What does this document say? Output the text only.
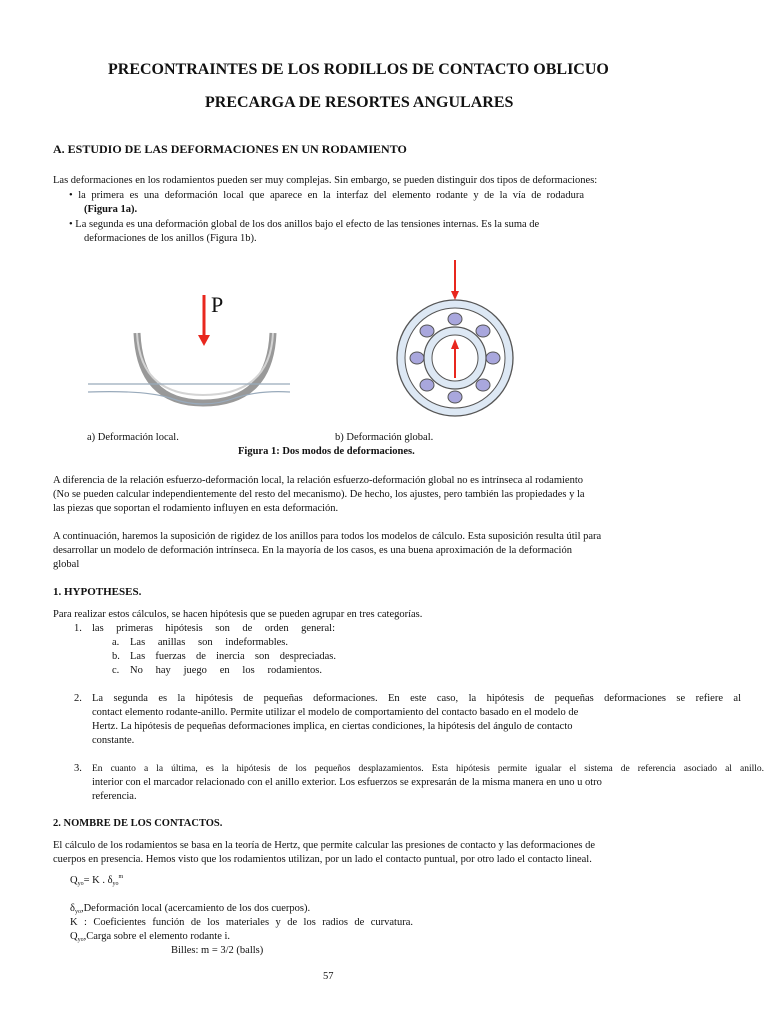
PRECONTRAINTES DE LOS RODILLOS DE CONTACTO OBLICUO
PRECARGA DE RESORTES ANGULARES
A. ESTUDIO DE LAS DEFORMACIONES EN UN RODAMIENTO
Las deformaciones en los rodamientos pueden ser muy complejas. Sin embargo, se pueden distinguir dos tipos de deformaciones:
• la primera es una deformación local que aparece en la interfaz del elemento rodante y de la vía de rodadura
(Figura 1a).
• La segunda es una deformación global de los dos anillos bajo el efecto de las tensiones internas. Es la suma de
deformaciones de los anillos (Figura 1b).
P
a) Deformación local.	b) Deformación global.
Figura 1: Dos modos de deformaciones.
A diferencia de la relación esfuerzo-deformación local, la relación esfuerzo-deformación global no es intrínseca al rodamiento
(No se pueden calcular independientemente del resto del mecanismo). De hecho, los ajustes, pero también las propiedades y la
las piezas que soportan el rodamiento influyen en esta deformación.
A continuación, haremos la suposición de rigidez de los anillos para todos los modelos de cálculo. Esta suposición resulta útil para
desarrollar un modelo de deformación intrínseca. En la mayoría de los casos, es una buena aproximación de la deformación
global
1. HYPOTHESES.
Para realizar estos cálculos, se hacen hipótesis que se pueden agrupar en tres categorías.
1. las primeras hipótesis son de orden general:
a. Las anillas son indeformables.
b. Las fuerzas de inercia son despreciadas.
c. No hay juego en los rodamientos.
2. La segunda es la hipótesis de pequeñas deformaciones. En este caso, la hipótesis de pequeñas deformaciones se refiere al
contact elemento rodante-anillo. Permite utilizar el modelo de comportamiento del contacto basado en el modelo de
Hertz. La hipótesis de pequeñas deformaciones implica, en ciertas condiciones, la hipótesis del ángulo de contacto
constante.
3. En cuanto a la última, es la hipótesis de los pequeños desplazamientos. Esta hipótesis permite igualar el sistema de referencia asociado al anillo.
interior con el marcador relacionado con el anillo exterior. Los esfuerzos se expresarán de la misma manera en uno u otro
referencia.
2. NOMBRE DE LOS CONTACTOS.
El cálculo de los rodamientos se basa en la teoría de Hertz, que permite calcular las presiones de contacto y las deformaciones de
cuerpos en presencia. Hemos visto que los rodamientos utilizan, por un lado el contacto puntual, por otro lado el contacto lineal.
$Q_{yo}= K$ . $\delta_{yo}^m$
$\delta_{yo},Deformación$ local (acercamiento de los dos cuerpos).
K : Coeficientes función de los materiales y de los radios de curvatura.
$Q_{yo},Carga$ sobre el elemento rodante i.
Billes: m = 3/2 (balls)
57
